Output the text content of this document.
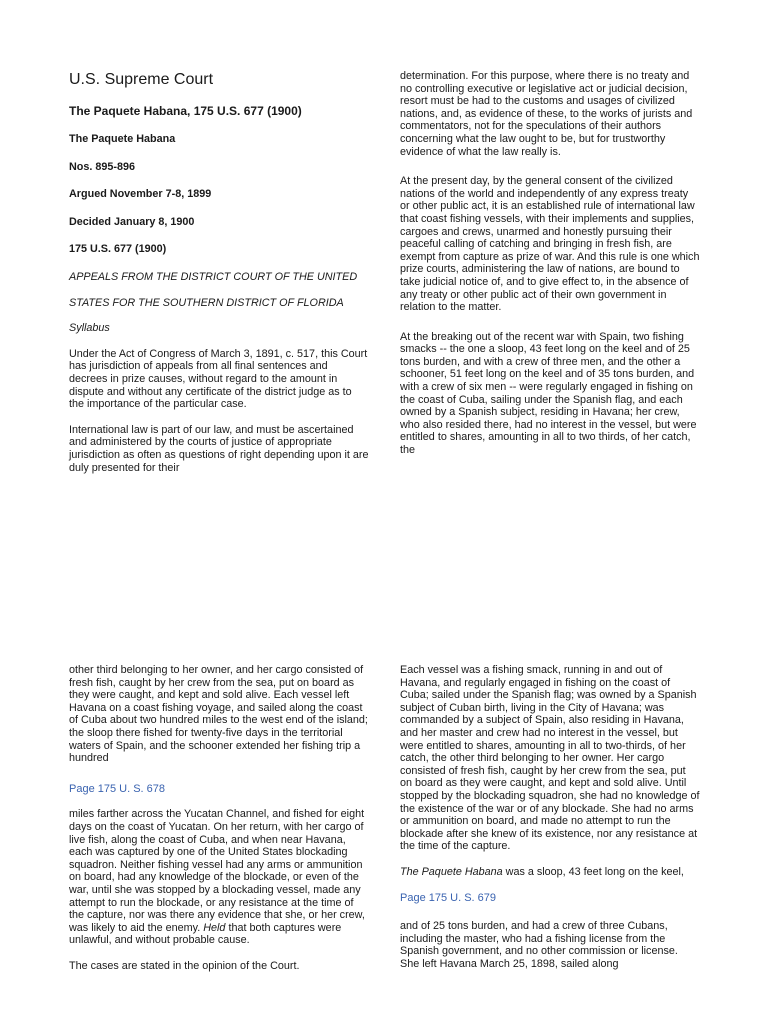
U.S. Supreme Court
The Paquete Habana, 175 U.S. 677 (1900)
The Paquete Habana
Nos. 895-896
Argued November 7-8, 1899
Decided January 8, 1900
175 U.S. 677 (1900)

APPEALS FROM THE DISTRICT COURT OF THE UNITED

STATES FOR THE SOUTHERN DISTRICT OF FLORIDA

Syllabus

Under the Act of Congress of March 3, 1891, c. 517, this Court has jurisdiction of appeals from all final sentences and decrees in prize causes, without regard to the amount in dispute and without any certificate of the district judge as to the importance of the particular case.

International law is part of our law, and must be ascertained and administered by the courts of justice of appropriate jurisdiction as often as questions of right depending upon it are duly presented for their

determination. For this purpose, where there is no treaty and no controlling executive or legislative act or judicial decision, resort must be had to the customs and usages of civilized nations, and, as evidence of these, to the works of jurists and commentators, not for the speculations of their authors concerning what the law ought to be, but for trustworthy evidence of what the law really is.

At the present day, by the general consent of the civilized nations of the world and independently of any express treaty or other public act, it is an established rule of international law that coast fishing vessels, with their implements and supplies, cargoes and crews, unarmed and honestly pursuing their peaceful calling of catching and bringing in fresh fish, are exempt from capture as prize of war. And this rule is one which prize courts, administering the law of nations, are bound to take judicial notice of, and to give effect to, in the absence of any treaty or other public act of their own government in relation to the matter.

At the breaking out of the recent war with Spain, two fishing smacks -- the one a sloop, 43 feet long on the keel and of 25 tons burden, and with a crew of three men, and the other a schooner, 51 feet long on the keel and of 35 tons burden, and with a crew of six men -- were regularly engaged in fishing on the coast of Cuba, sailing under the Spanish flag, and each owned by a Spanish subject, residing in Havana; her crew, who also resided there, had no interest in the vessel, but were entitled to shares, amounting in all to two thirds, of her catch, the

other third belonging to her owner, and her cargo consisted of fresh fish, caught by her crew from the sea, put on board as they were caught, and kept and sold alive. Each vessel left Havana on a coast fishing voyage, and sailed along the coast of Cuba about two hundred miles to the west end of the island; the sloop there fished for twenty-five days in the territorial waters of Spain, and the schooner extended her fishing trip a hundred

Page 175 U. S. 678

miles farther across the Yucatan Channel, and fished for eight days on the coast of Yucatan. On her return, with her cargo of live fish, along the coast of Cuba, and when near Havana, each was captured by one of the United States blockading squadron. Neither fishing vessel had any arms or ammunition on board, had any knowledge of the blockade, or even of the war, until she was stopped by a blockading vessel, made any attempt to run the blockade, or any resistance at the time of the capture, nor was there any evidence that she, or her crew, was likely to aid the enemy. Held that both captures were unlawful, and without probable cause.

The cases are stated in the opinion of the Court.

Each vessel was a fishing smack, running in and out of Havana, and regularly engaged in fishing on the coast of Cuba; sailed under the Spanish flag; was owned by a Spanish subject of Cuban birth, living in the City of Havana; was commanded by a subject of Spain, also residing in Havana, and her master and crew had no interest in the vessel, but were entitled to shares, amounting in all to two-thirds, of her catch, the other third belonging to her owner. Her cargo consisted of fresh fish, caught by her crew from the sea, put on board as they were caught, and kept and sold alive. Until stopped by the blockading squadron, she had no knowledge of the existence of the war or of any blockade. She had no arms or ammunition on board, and made no attempt to run the blockade after she knew of its existence, nor any resistance at the time of the capture.

The Paquete Habana was a sloop, 43 feet long on the keel,

Page 175 U. S. 679

and of 25 tons burden, and had a crew of three Cubans, including the master, who had a fishing license from the Spanish government, and no other commission or license. She left Havana March 25, 1898, sailed along
